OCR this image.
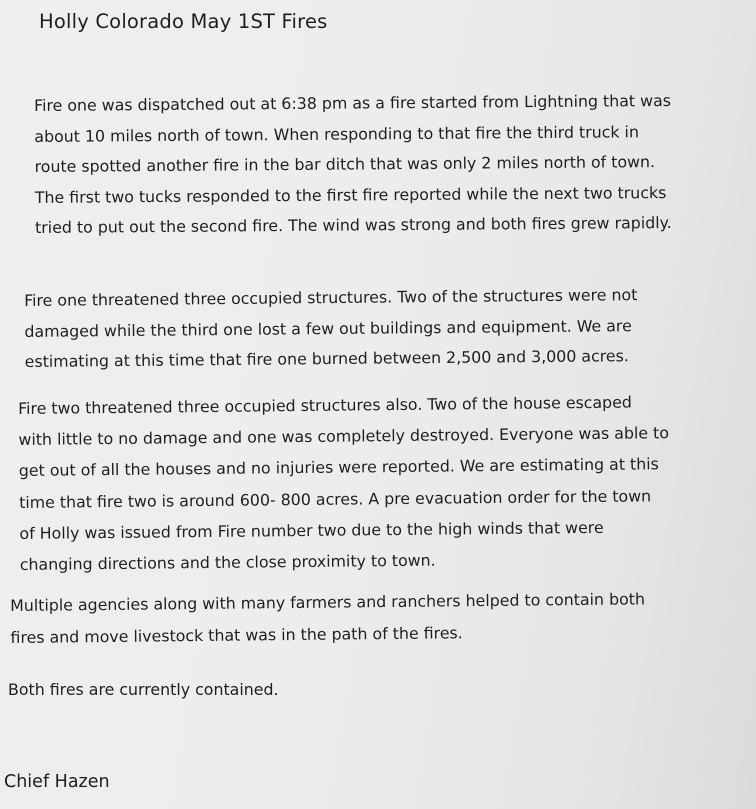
Holly Colorado May 1ST Fires

Fire one was dispatched out at 6:38 pm as a fire started from Lightning that was
about 10 miles north of town. When responding to that fire the third truck in
route spotted another fire in the bar ditch that was only 2 miles north of town.
The first two tucks responded to the first fire reported while the next two trucks
tried to put out the second fire. The wind was strong and both fires grew rapidly.

Fire one threatened three occupied structures. Two of the structures were not
damaged while the third one lost a few out buildings and equipment. We are
estimating at this time that fire one burned between 2,500 and 3,000 acres.

Fire two threatened three occupied structures also. Two of the house escaped
with little to no damage and one was completely destroyed. Everyone was able to
get out of all the houses and no injuries were reported. We are estimating at this
time that fire two is around 600- 800 acres. A pre evacuation order for the town
of Holly was issued from Fire number two due to the high winds that were
changing directions and the close proximity to town.

Multiple agencies along with many farmers and ranchers helped to contain both
fires and move livestock that was in the path of the fires.

Both fires are currently contained.

Chief Hazen
